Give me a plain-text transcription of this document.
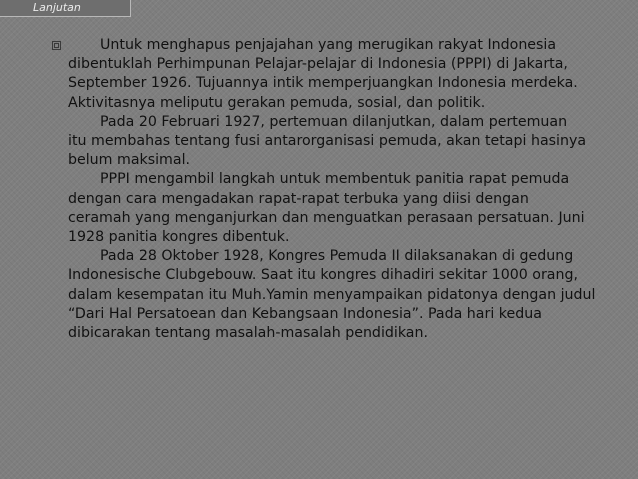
Lanjutan

Untuk menghapus penjajahan yang merugikan rakyat Indonesia
dibentuklah Perhimpunan Pelajar-pelajar di Indonesia (PPPI) di Jakarta,
September 1926. Tujuannya intik memperjuangkan Indonesia merdeka.
Aktivitasnya meliputu gerakan pemuda, sosial, dan politik.

Pada 20 Februari 1927, pertemuan dilanjutkan, dalam pertemuan
itu membahas tentang fusi antarorganisasi pemuda, akan tetapi hasinya
belum maksimal.

PPPI mengambil langkah untuk membentuk panitia rapat pemuda
dengan cara mengadakan rapat-rapat terbuka yang diisi dengan
ceramah yang menganjurkan dan menguatkan perasaan persatuan. Juni
1928 panitia kongres dibentuk.

Pada 28 Oktober 1928, Kongres Pemuda II dilaksanakan di gedung
Indonesische Clubgebouw. Saat itu kongres dihadiri sekitar 1000 orang,
dalam kesempatan itu Muh.Yamin menyampaikan pidatonya dengan judul
“Dari Hal Persatoean dan Kebangsaan Indonesia”. Pada hari kedua
dibicarakan tentang masalah-masalah pendidikan.
